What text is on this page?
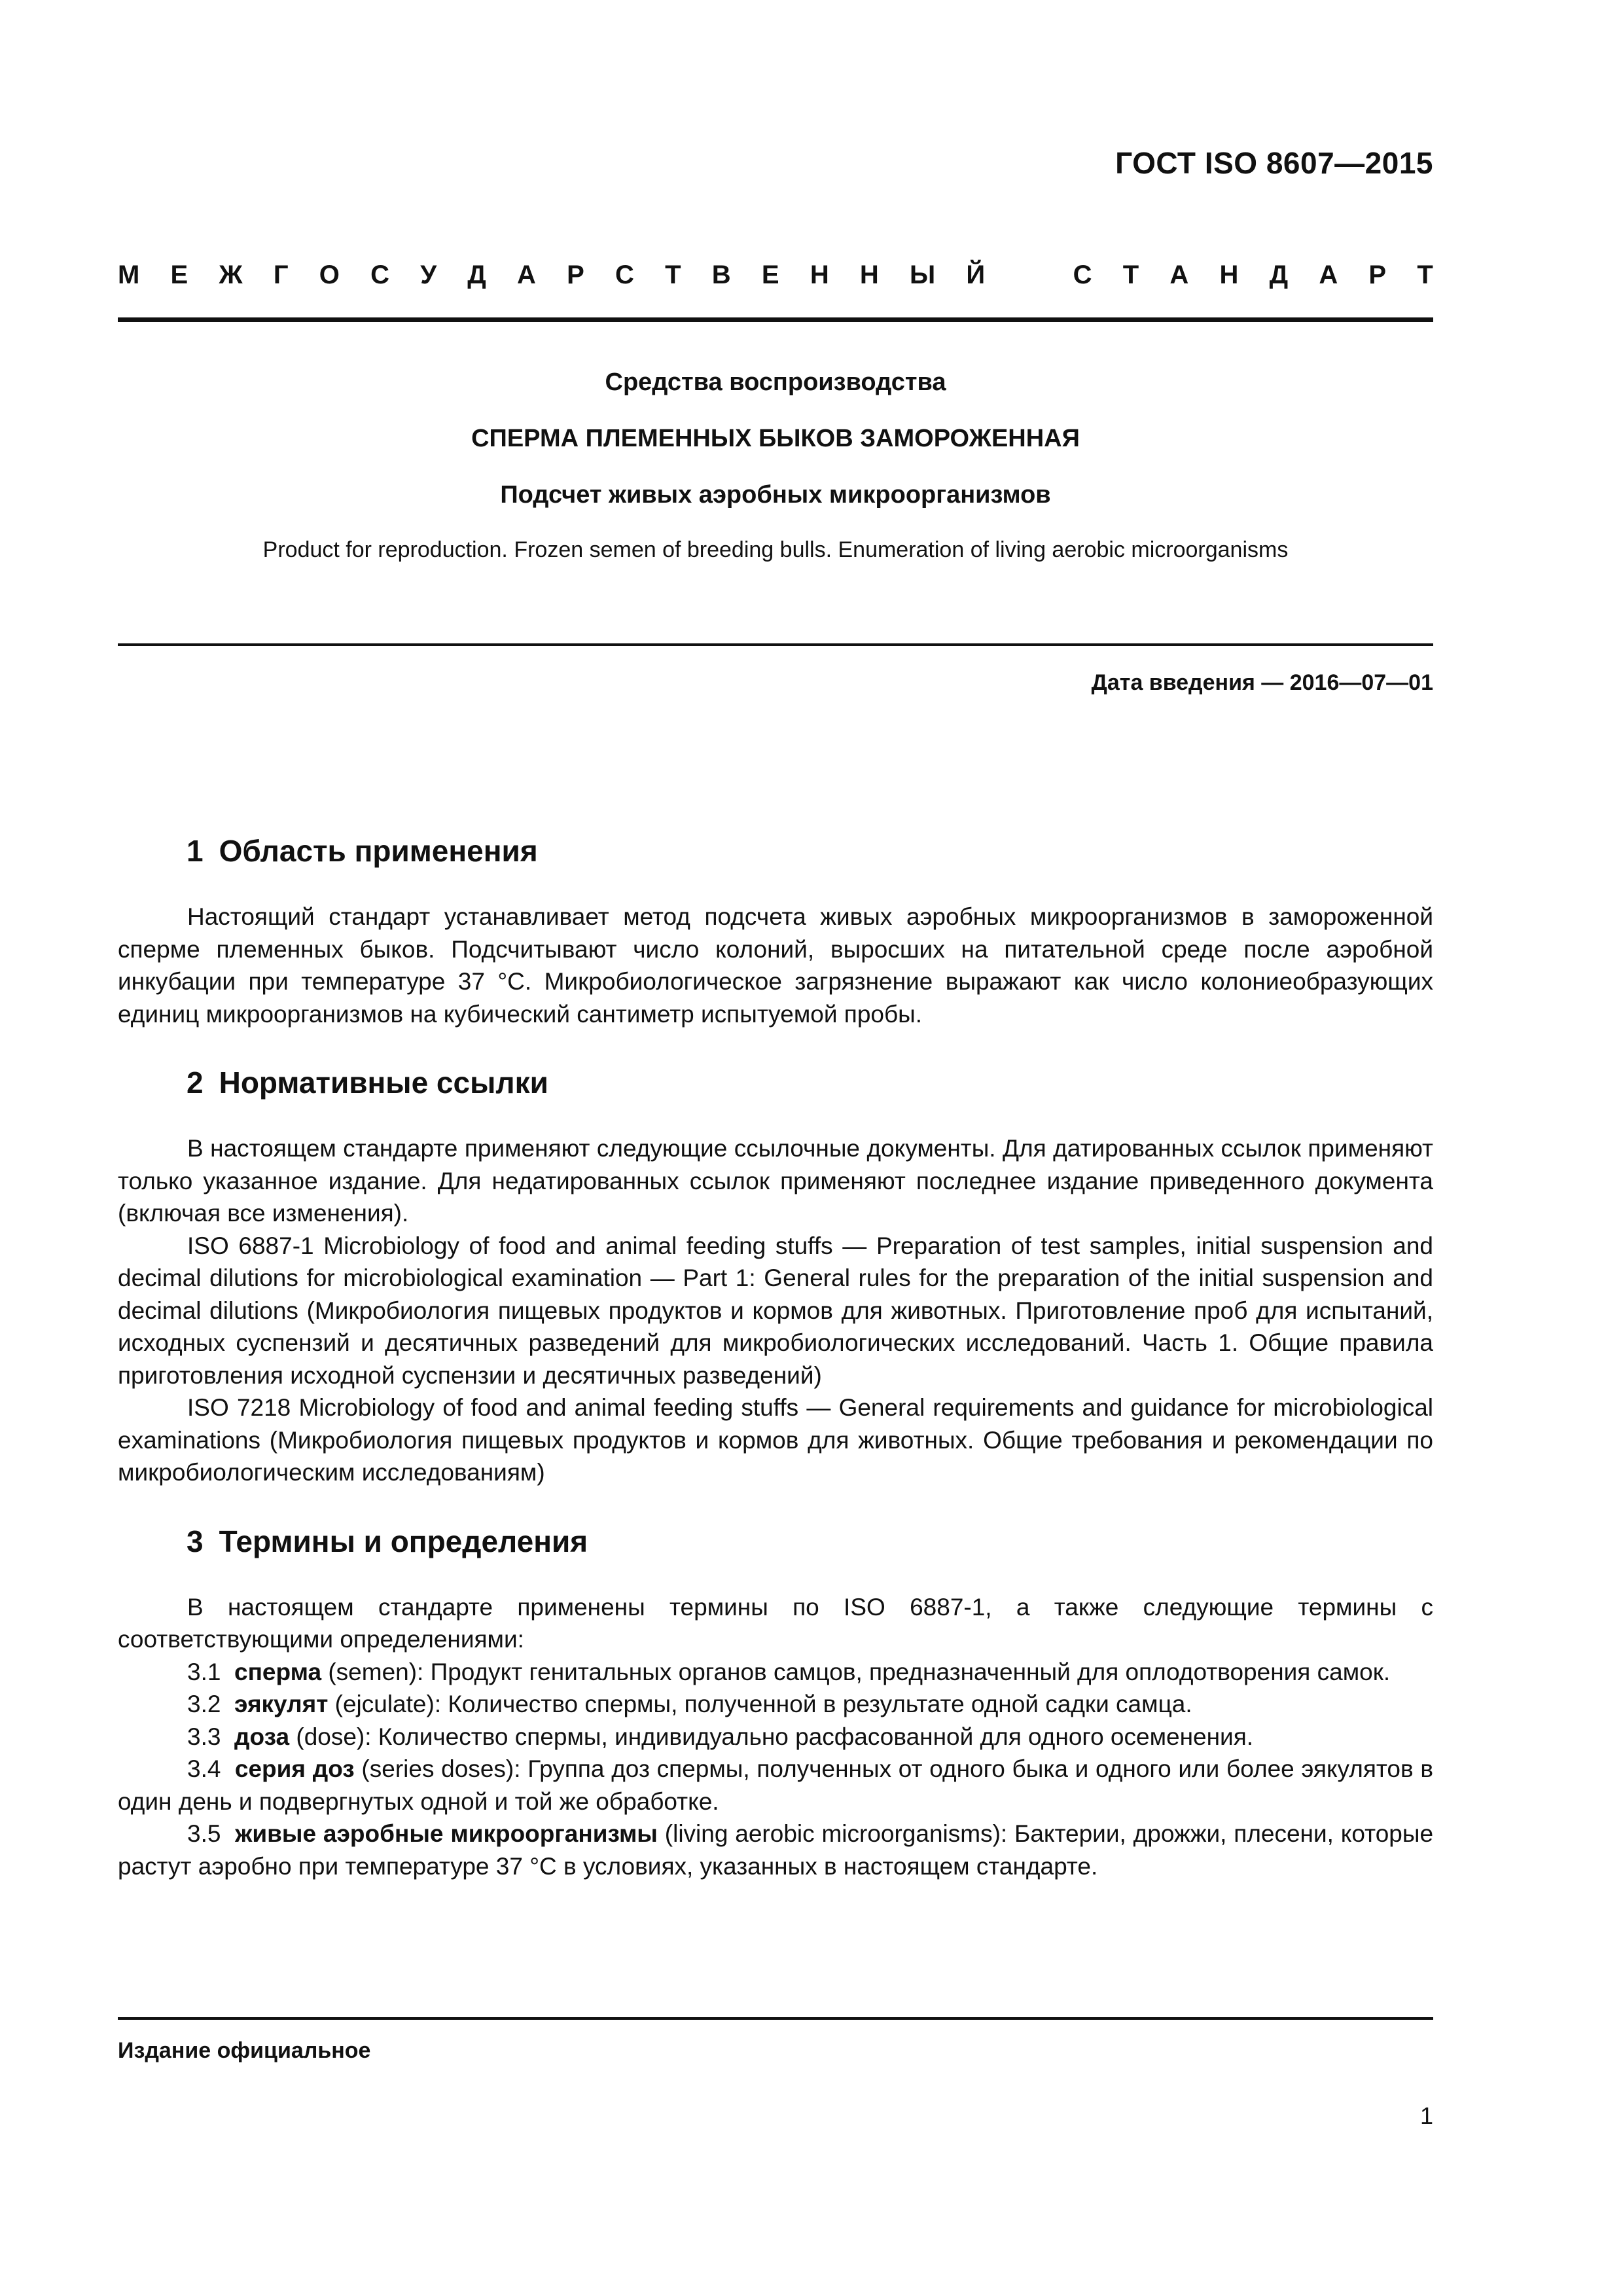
ГОСТ ISO 8607—2015
М Е Ж Г О С У Д А Р С Т В Е Н Н Ы Й	С Т А Н Д А Р Т

Средства воспроизводства

СПЕРМА ПЛЕМЕННЫХ БЫКОВ ЗАМОРОЖЕННАЯ

Подсчет живых аэробных микроорганизмов

Product for reproduction. Frozen semen of breeding bulls. Enumeration of living aerobic microorganisms

Дата введения — 2016—07—01
1 Область применения

Настоящий стандарт устанавливает метод подсчета живых аэробных микроорганизмов в замороженной сперме племенных быков. Подсчитывают число колоний, выросших на питательной среде после аэробной инкубации при температуре 37 °С. Микробиологическое загрязнение выражают как число колониеобразующих единиц микроорганизмов на кубический сантиметр испытуемой пробы.

2 Нормативные ссылки

В настоящем стандарте применяют следующие ссылочные документы. Для датированных ссылок применяют только указанное издание. Для недатированных ссылок применяют последнее издание приведенного документа (включая все изменения).

ISO 6887-1 Microbiology of food and animal feeding stuffs — Preparation of test samples, initial suspension and decimal dilutions for microbiological examination — Part 1: General rules for the preparation of the initial suspension and decimal dilutions (Микробиология пищевых продуктов и кормов для животных. Приготовление проб для испытаний, исходных суспензий и десятичных разведений для микробиологических исследований. Часть 1. Общие правила приготовления исходной суспензии и десятичных разведений)

ISO 7218 Microbiology of food and animal feeding stuffs — General requirements and guidance for microbiological examinations (Микробиология пищевых продуктов и кормов для животных. Общие требования и рекомендации по микробиологическим исследованиям)

3 Термины и определения

В настоящем стандарте применены термины по ISO 6887-1, а также следующие термины с соответствующими определениями:

3.1 сперма (semen): Продукт генитальных органов самцов, предназначенный для оплодотворения самок.

3.2 эякулят (ejculate): Количество спермы, полученной в результате одной садки самца.

3.3 доза (dose): Количество спермы, индивидуально расфасованной для одного осеменения.

3.4 серия доз (series doses): Группа доз спермы, полученных от одного быка и одного или более эякулятов в один день и подвергнутых одной и той же обработке.

3.5 живые аэробные микроорганизмы (living aerobic microorganisms): Бактерии, дрожжи, плесени, которые растут аэробно при температуре 37 °С в условиях, указанных в настоящем стандарте.

Издание официальное
1
